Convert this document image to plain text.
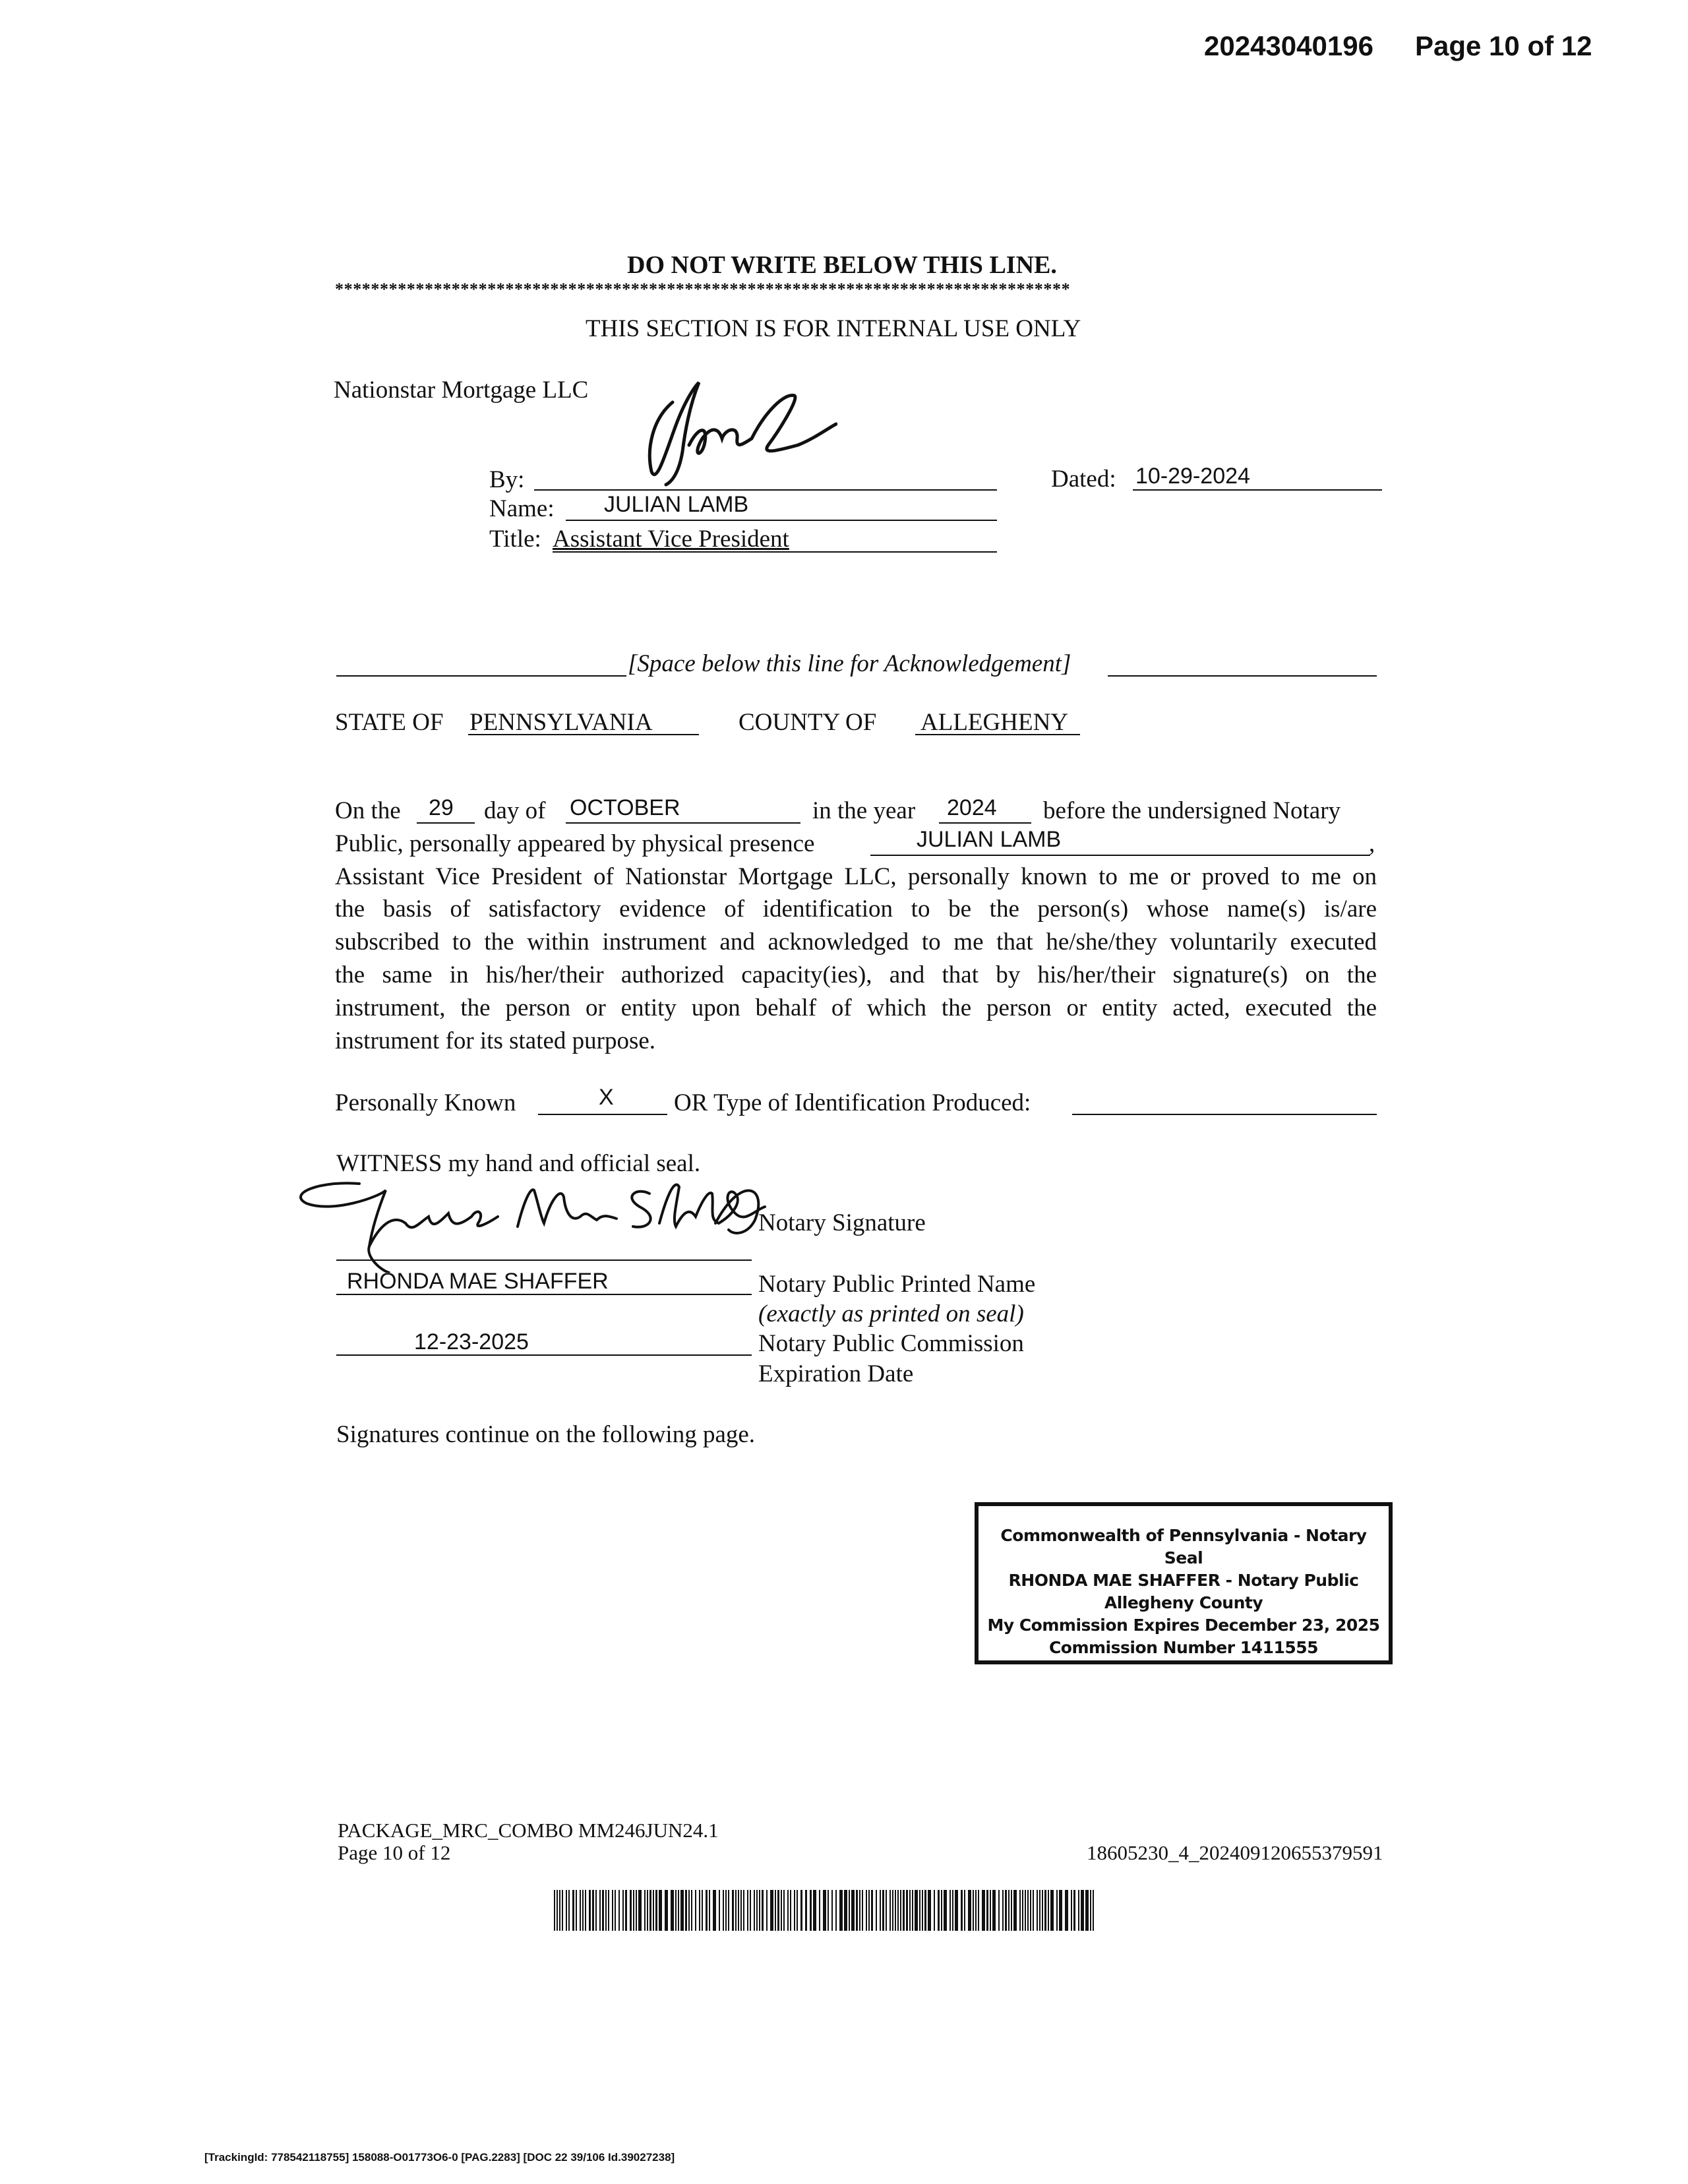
20243040196 Page 10 of 12
DO NOT WRITE BELOW THIS LINE.
**********************************************************************************
THIS SECTION IS FOR INTERNAL USE ONLY
Nationstar Mortgage LLC
By:	Dated: 10-29-2024
Name: JULIAN LAMB
Title: Assistant Vice President
[Space below this line for Acknowledgement]
STATE OF PENNSYLVANIA	COUNTY OF ALLEGHENY
On the 29 day of OCTOBER	in the year 2024 before the undersigned Notary
Public, personally appeared by physical presence	JULIAN LAMB	,
Assistant Vice President of Nationstar Mortgage LLC, personally known to me or proved to me on
the basis of satisfactory evidence of identification to be the person(s) whose name(s) is/are
subscribed to the within instrument and acknowledged to me that he/she/they voluntarily executed
the same in his/her/their authorized capacity(ies), and that by his/her/their signature(s) on the
instrument, the person or entity upon behalf of which the person or entity acted, executed the
instrument for its stated purpose.
Personally Known	X OR Type of Identification Produced:
WITNESS my hand and official seal.
Notary Signature
RHONDA MAE SHAFFER	Notary Public Printed Name
(exactly as printed on seal)
12-23-2025	Notary Public Commission
Expiration Date
Signatures continue on the following page.
Commonwealth of Pennsylvania - Notary Seal
RHONDA MAE SHAFFER - Notary Public
Allegheny County
My Commission Expires December 23, 2025
Commission Number 1411555
PACKAGE_MRC_COMBO MM246JUN24.1
Page 10 of 12	18605230_4_20240912065537959​1
[TrackingId: 778542118755] 158088-O01773O6-0 [PAG.2283] [DOC 22 39/106 Id.39027238]
